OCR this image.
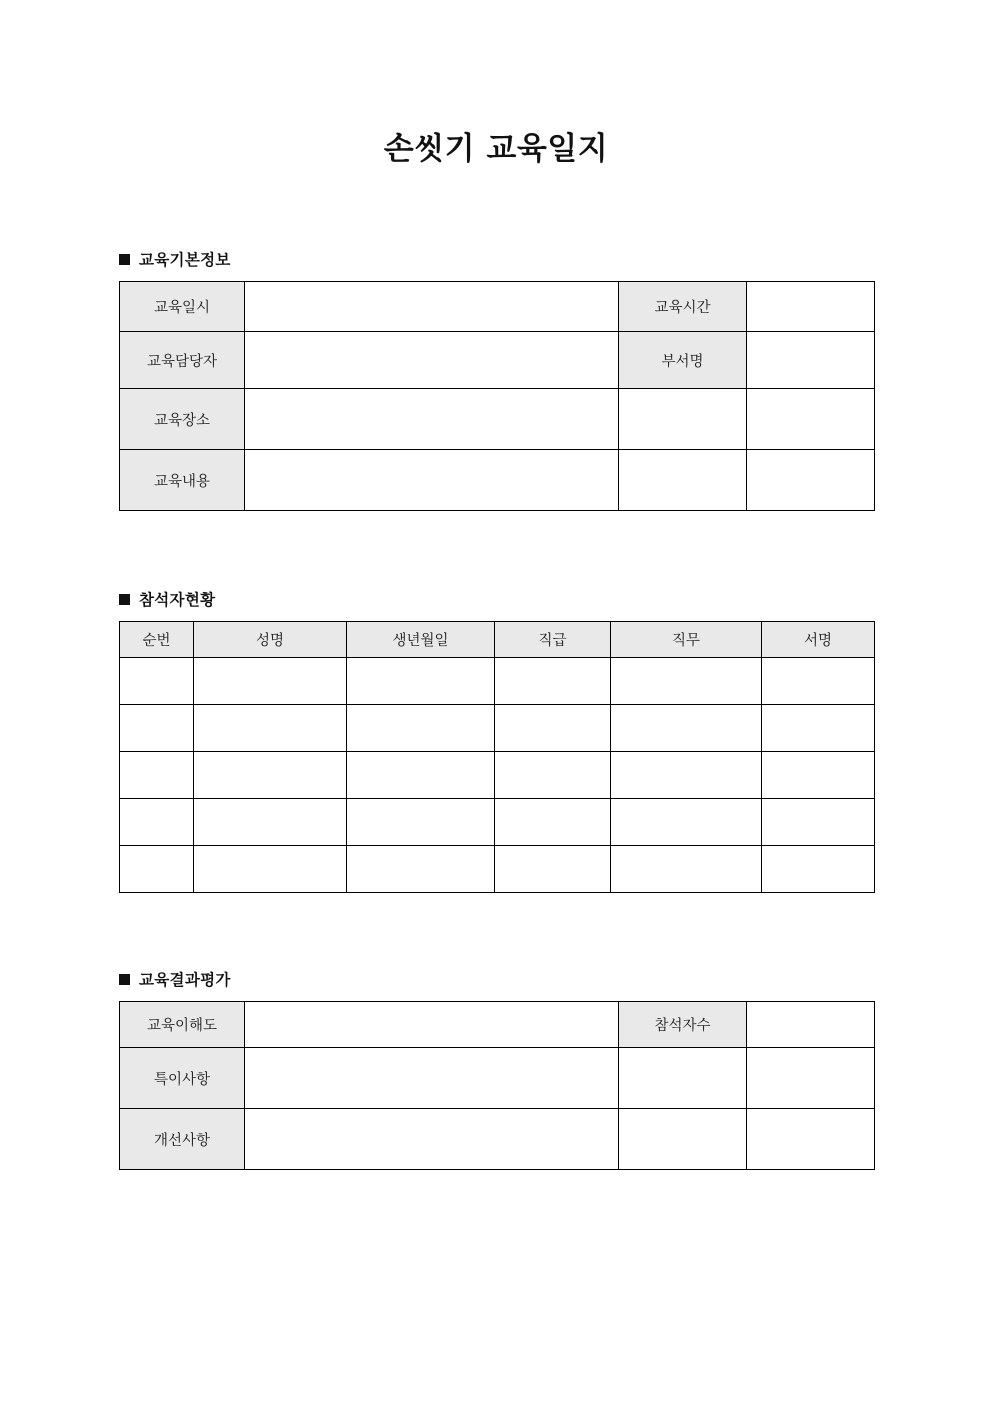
손씻기 교육일지
교육기본정보
교육일시		교육시간	
교육담당자		부서명	
교육장소			
교육내용			
참석자현황
순번	성명	생년월일	직급	직무	서명

교육결과평가
교육이해도		참석자수	
특이사항			
개선사항			
